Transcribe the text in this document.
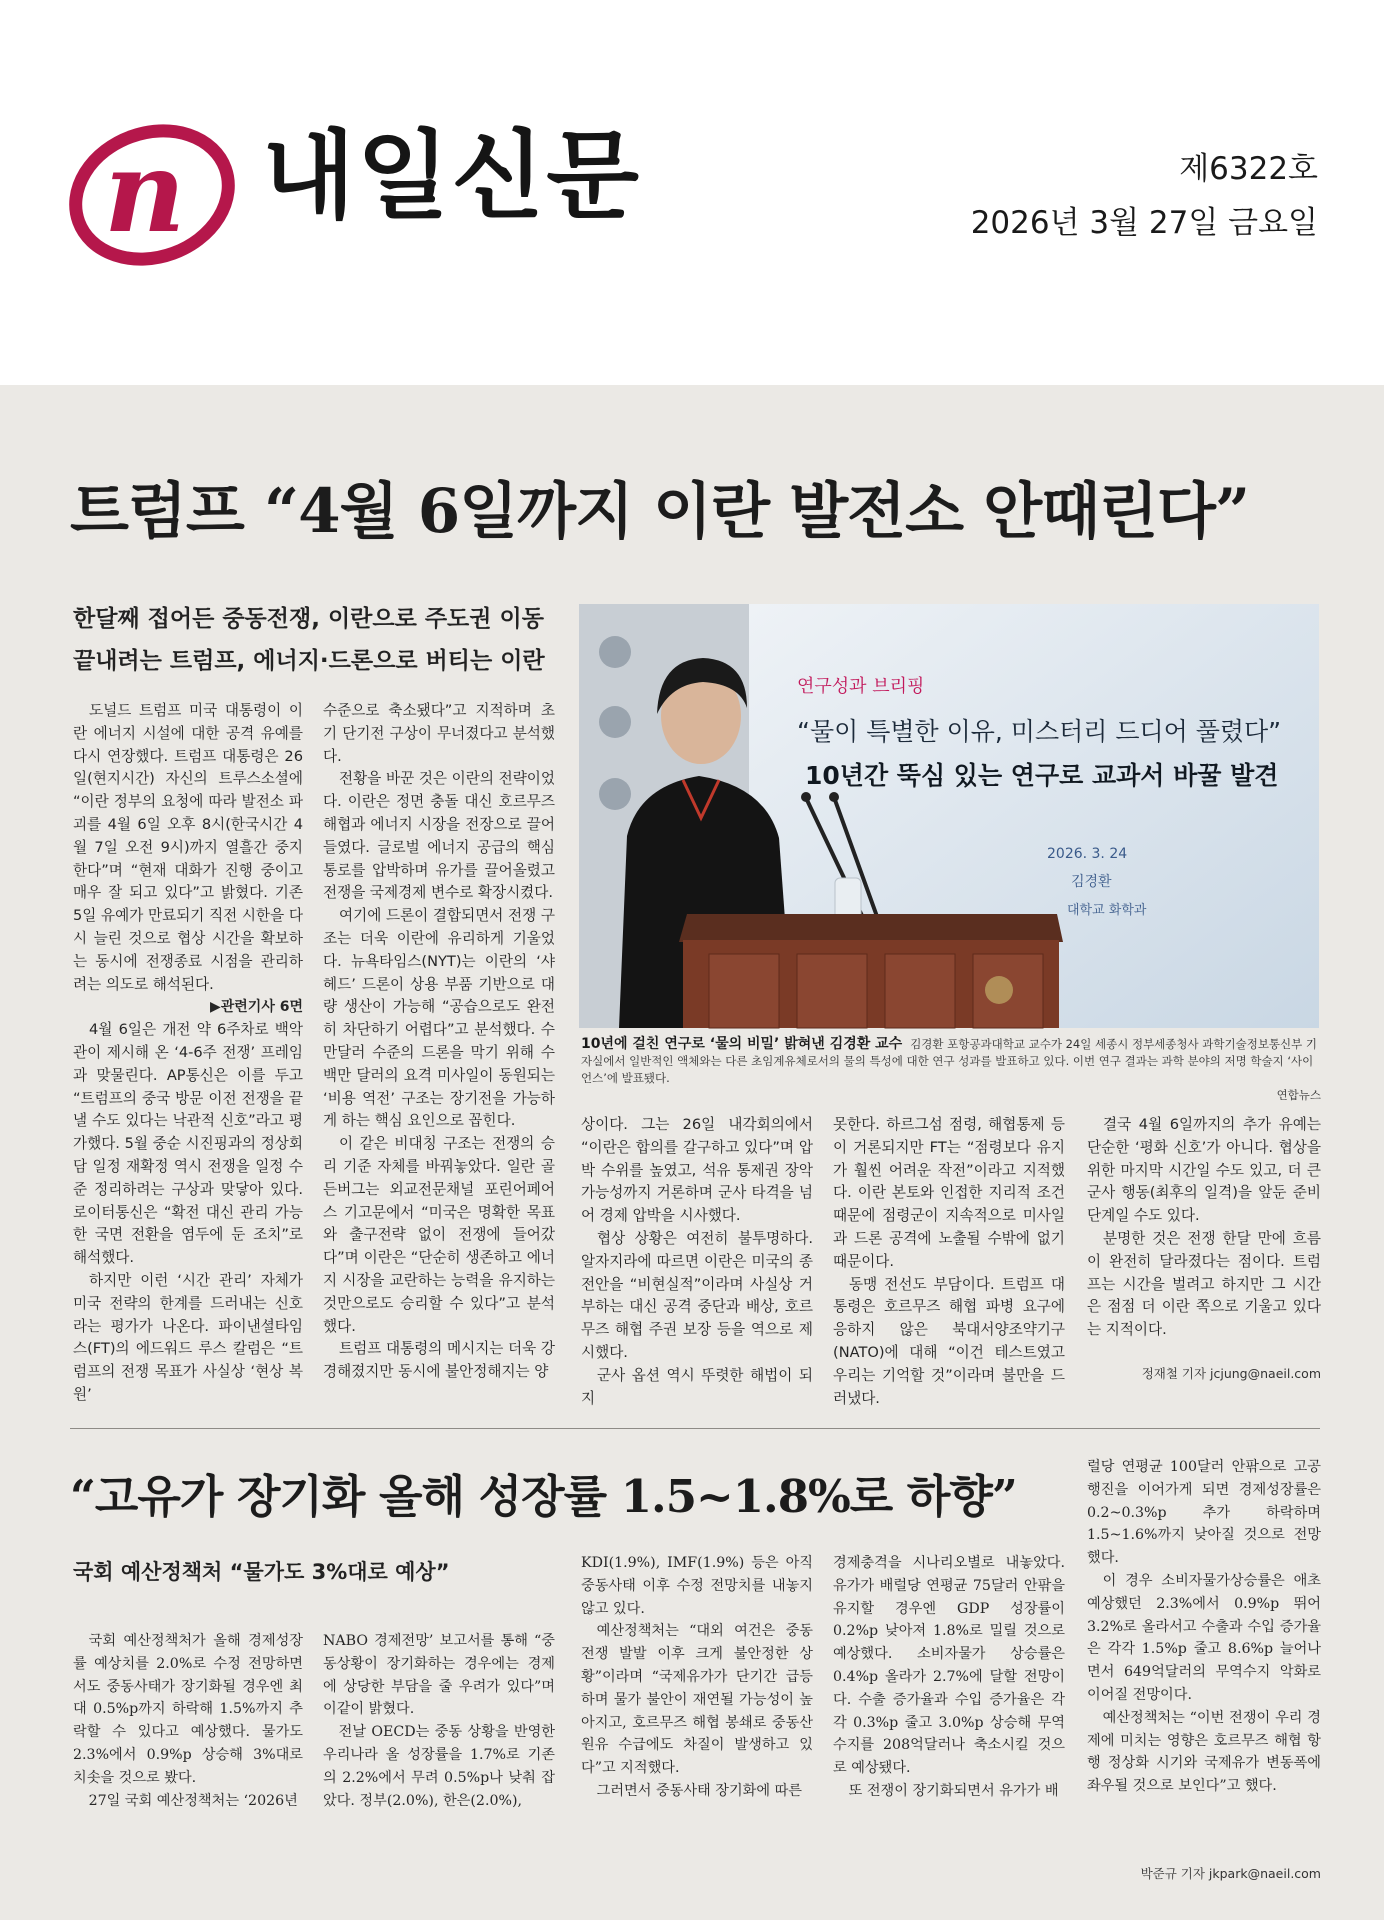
n 내일신문	제6322호
2026년 3월 27일 금요일
트럼프 “4월 6일까지 이란 발전소 안때린다”
한달째 접어든 중동전쟁, 이란으로 주도권 이동
끝내려는 트럼프, 에너지·드론으로 버티는 이란

도널드 트럼프 미국 대통령이 이란 에너지 시설에 대한 공격 유예를 다시 연장했다. 트럼프 대통령은 26일(현지시간) 자신의 트루스소셜에 “이란 정부의 요청에 따라 발전소 파괴를 4월 6일 오후 8시(한국시간 4월 7일 오전 9시)까지 열흘간 중지한다”며 “현재 대화가 진행 중이고 매우 잘 되고 있다”고 밝혔다. 기존 5일 유예가 만료되기 직전 시한을 다시 늘린 것으로 협상 시간을 확보하는 동시에 전쟁종료 시점을 관리하려는 의도로 해석된다.

▶관련기사 6면

4월 6일은 개전 약 6주차로 백악관이 제시해 온 ‘4-6주 전쟁’ 프레임과 맞물린다. AP통신은 이를 두고 “트럼프의 중국 방문 이전 전쟁을 끝낼 수도 있다는 낙관적 신호”라고 평가했다. 5월 중순 시진핑과의 정상회담 일정 재확정 역시 전쟁을 일정 수준 정리하려는 구상과 맞닿아 있다. 로이터통신은 “확전 대신 관리 가능한 국면 전환을 염두에 둔 조치”로 해석했다.

하지만 이런 ‘시간 관리’ 자체가 미국 전략의 한계를 드러내는 신호라는 평가가 나온다. 파이낸셜타임스(FT)의 에드워드 루스 칼럼은 “트럼프의 전쟁 목표가 사실상 ‘현상 복원’

수준으로 축소됐다”고 지적하며 초기 단기전 구상이 무너졌다고 분석했다.

전황을 바꾼 것은 이란의 전략이었다. 이란은 정면 충돌 대신 호르무즈 해협과 에너지 시장을 전장으로 끌어들였다. 글로벌 에너지 공급의 핵심 통로를 압박하며 유가를 끌어올렸고 전쟁을 국제경제 변수로 확장시켰다.

여기에 드론이 결합되면서 전쟁 구조는 더욱 이란에 유리하게 기울었다. 뉴욕타임스(NYT)는 이란의 ‘샤헤드’ 드론이 상용 부품 기반으로 대량 생산이 가능해 “공습으로도 완전히 차단하기 어렵다”고 분석했다. 수만달러 수준의 드론을 막기 위해 수백만 달러의 요격 미사일이 동원되는 ‘비용 역전’ 구조는 장기전을 가능하게 하는 핵심 요인으로 꼽힌다.

이 같은 비대칭 구조는 전쟁의 승리 기준 자체를 바꿔놓았다. 일란 골든버그는 외교전문채널 포린어페어스 기고문에서 “미국은 명확한 목표와 출구전략 없이 전쟁에 들어갔다”며 이란은 “단순히 생존하고 에너지 시장을 교란하는 능력을 유지하는 것만으로도 승리할 수 있다”고 분석했다.

트럼프 대통령의 메시지는 더욱 강경해졌지만 동시에 불안정해지는 양

연구성과 브리핑
“물이 특별한 이유, 미스터리 드디어 풀렸다”
10년간 뚝심 있는 연구로 교과서 바꿀 발견
2026. 3. 24
김경환
대학교 화학과
10년에 걸친 연구로 ‘물의 비밀’ 밝혀낸 김경환 교수 김경환 포항공과대학교 교수가 24일 세종시 정부세종청사 과학기술정보통신부 기자실에서 일반적인 액체와는 다른 초임계유체로서의 물의 특성에 대한 연구 성과를 발표하고 있다. 이번 연구 결과는 과학 분야의 저명 학술지 ‘사이언스’에 발표됐다.
연합뉴스

상이다. 그는 26일 내각회의에서 “이란은 합의를 갈구하고 있다”며 압박 수위를 높였고, 석유 통제권 장악 가능성까지 거론하며 군사 타격을 넘어 경제 압박을 시사했다.

협상 상황은 여전히 불투명하다. 알자지라에 따르면 이란은 미국의 종전안을 “비현실적”이라며 사실상 거부하는 대신 공격 중단과 배상, 호르무즈 해협 주권 보장 등을 역으로 제시했다.

군사 옵션 역시 뚜렷한 해법이 되지

못한다. 하르그섬 점령, 해협통제 등이 거론되지만 FT는 “점령보다 유지가 훨씬 어려운 작전”이라고 지적했다. 이란 본토와 인접한 지리적 조건 때문에 점령군이 지속적으로 미사일과 드론 공격에 노출될 수밖에 없기 때문이다.

동맹 전선도 부담이다. 트럼프 대통령은 호르무즈 해협 파병 요구에 응하지 않은 북대서양조약기구(NATO)에 대해 “이건 테스트였고 우리는 기억할 것”이라며 불만을 드러냈다.

결국 4월 6일까지의 추가 유예는 단순한 ‘평화 신호’가 아니다. 협상을 위한 마지막 시간일 수도 있고, 더 큰 군사 행동(최후의 일격)을 앞둔 준비 단계일 수도 있다.

분명한 것은 전쟁 한달 만에 흐름이 완전히 달라졌다는 점이다. 트럼프는 시간을 벌려고 하지만 그 시간은 점점 더 이란 쪽으로 기울고 있다는 지적이다.

정재철 기자 jcjung@naeil.com
“고유가 장기화 올해 성장률 1.5~1.8%로 하향”
국회 예산정책처 “물가도 3%대로 예상”

국회 예산정책처가 올해 경제성장률 예상치를 2.0%로 수정 전망하면서도 중동사태가 장기화될 경우엔 최대 0.5%p까지 하락해 1.5%까지 추락할 수 있다고 예상했다. 물가도 2.3%에서 0.9%p 상승해 3%대로 치솟을 것으로 봤다.

27일 국회 예산정책처는 ‘2026년

NABO 경제전망’ 보고서를 통해 “중동상황이 장기화하는 경우에는 경제에 상당한 부담을 줄 우려가 있다”며 이같이 밝혔다.

전날 OECD는 중동 상황을 반영한 우리나라 올 성장률을 1.7%로 기존의 2.2%에서 무려 0.5%p나 낮춰 잡았다. 정부(2.0%), 한은(2.0%),

KDI(1.9%), IMF(1.9%) 등은 아직 중동사태 이후 수정 전망치를 내놓지 않고 있다.

예산정책처는 “대외 여건은 중동 전쟁 발발 이후 크게 불안정한 상황”이라며 “국제유가가 단기간 급등하며 물가 불안이 재연될 가능성이 높아지고, 호르무즈 해협 봉쇄로 중동산 원유 수급에도 차질이 발생하고 있다”고 지적했다.

그러면서 중동사태 장기화에 따른

경제충격을 시나리오별로 내놓았다. 유가가 배럴당 연평균 75달러 안팎을 유지할 경우엔 GDP 성장률이 0.2%p 낮아져 1.8%로 밀릴 것으로 예상했다. 소비자물가 상승률은 0.4%p 올라가 2.7%에 달할 전망이다. 수출 증가율과 수입 증가율은 각각 0.3%p 줄고 3.0%p 상승해 무역수지를 208억달러나 축소시킬 것으로 예상됐다.

또 전쟁이 장기화되면서 유가가 배

럴당 연평균 100달러 안팎으로 고공행진을 이어가게 되면 경제성장률은 0.2~0.3%p 추가 하락하며 1.5~1.6%까지 낮아질 것으로 전망했다.

이 경우 소비자물가상승률은 애초 예상했던 2.3%에서 0.9%p 뛰어 3.2%로 올라서고 수출과 수입 증가율은 각각 1.5%p 줄고 8.6%p 늘어나면서 649억달러의 무역수지 악화로 이어질 전망이다.

예산정책처는 “이번 전쟁이 우리 경제에 미치는 영향은 호르무즈 해협 항행 정상화 시기와 국제유가 변동폭에 좌우될 것으로 보인다”고 했다.

박준규 기자 jkpark@naeil.com
